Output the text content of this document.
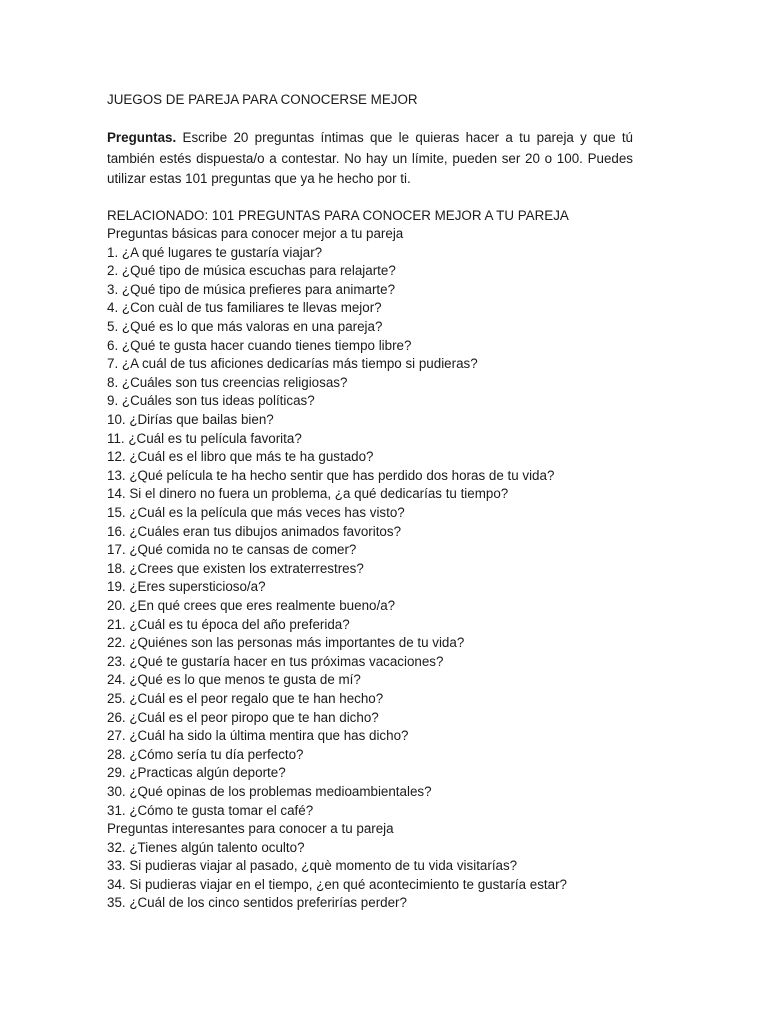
JUEGOS DE PAREJA PARA CONOCERSE MEJOR
Preguntas. Escribe 20 preguntas íntimas que le quieras hacer a tu pareja y que tú también estés dispuesta/o a contestar. No hay un límite, pueden ser 20 o 100. Puedes utilizar estas 101 preguntas que ya he hecho por ti.
RELACIONADO: 101 PREGUNTAS PARA CONOCER MEJOR A TU PAREJA
Preguntas básicas para conocer mejor a tu pareja
1. ¿A qué lugares te gustaría viajar?
2. ¿Qué tipo de música escuchas para relajarte?
3. ¿Qué tipo de música prefieres para animarte?
4. ¿Con cuàl de tus familiares te llevas mejor?
5. ¿Qué es lo que más valoras en una pareja?
6. ¿Qué te gusta hacer cuando tienes tiempo libre?
7. ¿A cuál de tus aficiones dedicarías más tiempo si pudieras?
8. ¿Cuáles son tus creencias religiosas?
9. ¿Cuáles son tus ideas políticas?
10. ¿Dirías que bailas bien?
11. ¿Cuál es tu película favorita?
12. ¿Cuál es el libro que más te ha gustado?
13. ¿Qué película te ha hecho sentir que has perdido dos horas de tu vida?
14. Si el dinero no fuera un problema, ¿a qué dedicarías tu tiempo?
15. ¿Cuál es la película que más veces has visto?
16. ¿Cuáles eran tus dibujos animados favoritos?
17. ¿Qué comida no te cansas de comer?
18. ¿Crees que existen los extraterrestres?
19. ¿Eres supersticioso/a?
20. ¿En qué crees que eres realmente bueno/a?
21. ¿Cuál es tu época del año preferida?
22. ¿Quiénes son las personas más importantes de tu vida?
23. ¿Qué te gustaría hacer en tus próximas vacaciones?
24. ¿Qué es lo que menos te gusta de mí?
25. ¿Cuál es el peor regalo que te han hecho?
26. ¿Cuál es el peor piropo que te han dicho?
27. ¿Cuál ha sido la última mentira que has dicho?
28. ¿Cómo sería tu día perfecto?
29. ¿Practicas algún deporte?
30. ¿Qué opinas de los problemas medioambientales?
31. ¿Cómo te gusta tomar el café?
Preguntas interesantes para conocer a tu pareja
32. ¿Tienes algún talento oculto?
33. Si pudieras viajar al pasado, ¿què momento de tu vida visitarías?
34. Si pudieras viajar en el tiempo, ¿en qué acontecimiento te gustaría estar?
35. ¿Cuál de los cinco sentidos preferirías perder?
